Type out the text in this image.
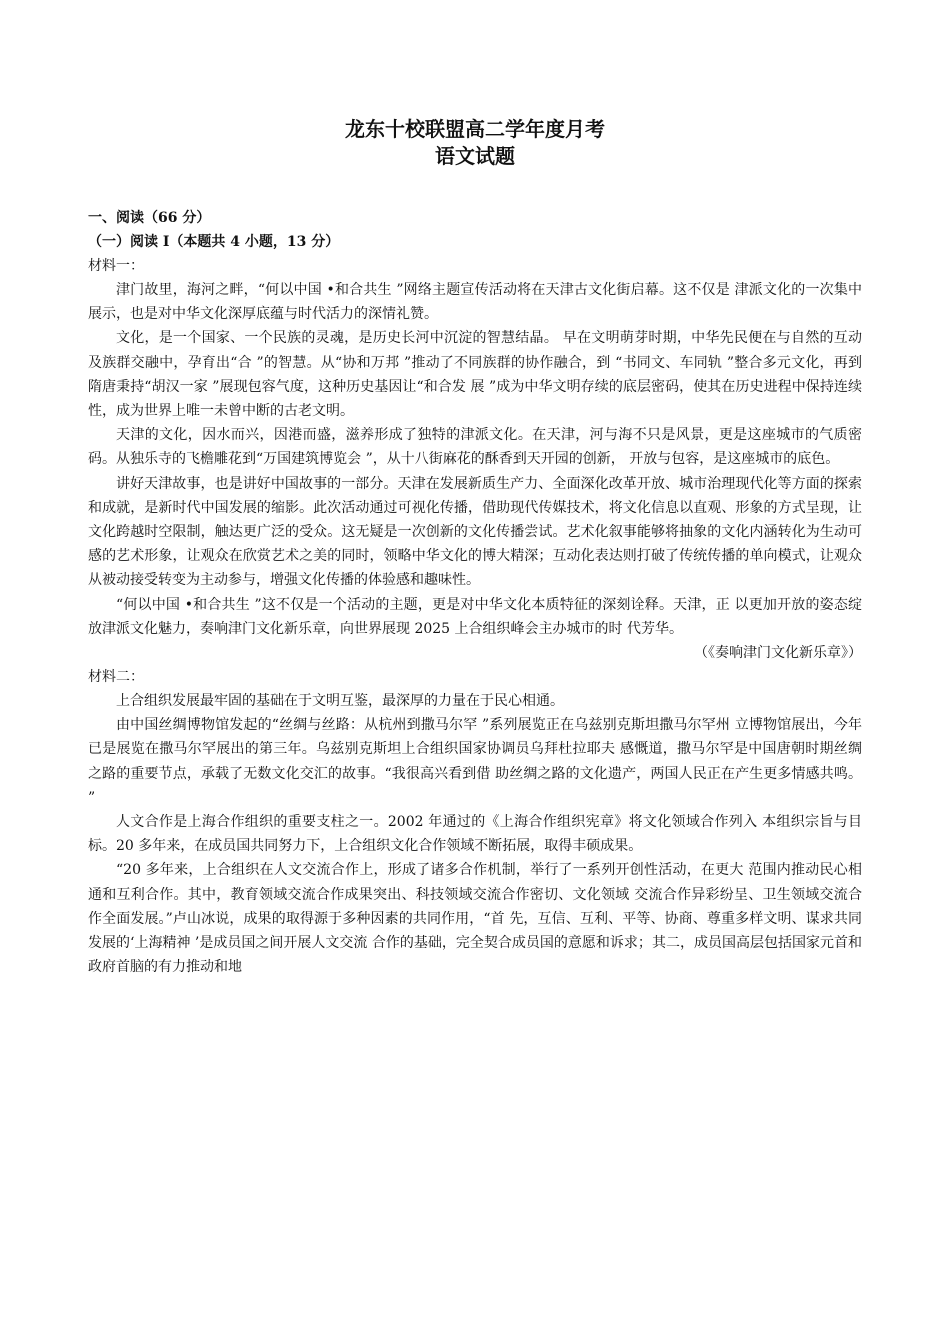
龙东十校联盟高二学年度月考

语文试题

一、阅读（66 分）

（一）阅读 I（本题共 4 小题，13 分）

材料一：

津门故里，海河之畔，“何以中国 •和合共生 ”网络主题宣传活动将在天津古文化街启幕。这不仅是 津派文化的一次集中展示，也是对中华文化深厚底蕴与时代活力的深情礼赞。

文化，是一个国家、一个民族的灵魂，是历史长河中沉淀的智慧结晶。 早在文明萌芽时期，中华先民便在与自然的互动及族群交融中，孕育出“合 ”的智慧。从“协和万邦 ”推动了不同族群的协作融合，到 “书同文、车同轨 ”整合多元文化，再到隋唐秉持“胡汉一家 ”展现包容气度，这种历史基因让“和合发 展 ”成为中华文明存续的底层密码，使其在历史进程中保持连续性，成为世界上唯一未曾中断的古老文明。

天津的文化，因水而兴，因港而盛，滋养形成了独特的津派文化。在天津，河与海不只是风景，更是这座城市的气质密码。从独乐寺的飞檐雕花到“万国建筑博览会 ”，从十八街麻花的酥香到天开园的创新， 开放与包容，是这座城市的底色。

讲好天津故事，也是讲好中国故事的一部分。天津在发展新质生产力、全面深化改革开放、城市治理现代化等方面的探索和成就，是新时代中国发展的缩影。此次活动通过可视化传播，借助现代传媒技术，将文化信息以直观、形象的方式呈现，让文化跨越时空限制，触达更广泛的受众。这无疑是一次创新的文化传播尝试。艺术化叙事能够将抽象的文化内涵转化为生动可感的艺术形象，让观众在欣赏艺术之美的同时，领略中华文化的博大精深；互动化表达则打破了传统传播的单向模式，让观众从被动接受转变为主动参与，增强文化传播的体验感和趣味性。

“何以中国 •和合共生 ”这不仅是一个活动的主题，更是对中华文化本质特征的深刻诠释。天津，正 以更加开放的姿态绽放津派文化魅力，奏响津门文化新乐章，向世界展现 2025 上合组织峰会主办城市的时 代芳华。

（《奏响津门文化新乐章》）

材料二：

上合组织发展最牢固的基础在于文明互鉴，最深厚的力量在于民心相通。

由中国丝绸博物馆发起的“丝绸与丝路：从杭州到撒马尔罕 ”系列展览正在乌兹别克斯坦撒马尔罕州 立博物馆展出，今年已是展览在撒马尔罕展出的第三年。乌兹别克斯坦上合组织国家协调员乌拜杜拉耶夫 感慨道，撒马尔罕是中国唐朝时期丝绸之路的重要节点，承载了无数文化交汇的故事。“我很高兴看到借 助丝绸之路的文化遗产，两国人民正在产生更多情感共鸣。 ”

人文合作是上海合作组织的重要支柱之一。2002 年通过的《上海合作组织宪章》将文化领域合作列入 本组织宗旨与目标。20 多年来，在成员国共同努力下，上合组织文化合作领域不断拓展，取得丰硕成果。

“20 多年来，上合组织在人文交流合作上，形成了诸多合作机制，举行了一系列开创性活动，在更大 范围内推动民心相通和互利合作。其中，教育领域交流合作成果突出、科技领域交流合作密切、文化领域 交流合作异彩纷呈、卫生领域交流合作全面发展。”卢山冰说，成果的取得源于多种因素的共同作用，“首 先，互信、互利、平等、协商、尊重多样文明、谋求共同发展的‘上海精神 ’是成员国之间开展人文交流 合作的基础，完全契合成员国的意愿和诉求；其二，成员国高层包括国家元首和政府首脑的有力推动和地
